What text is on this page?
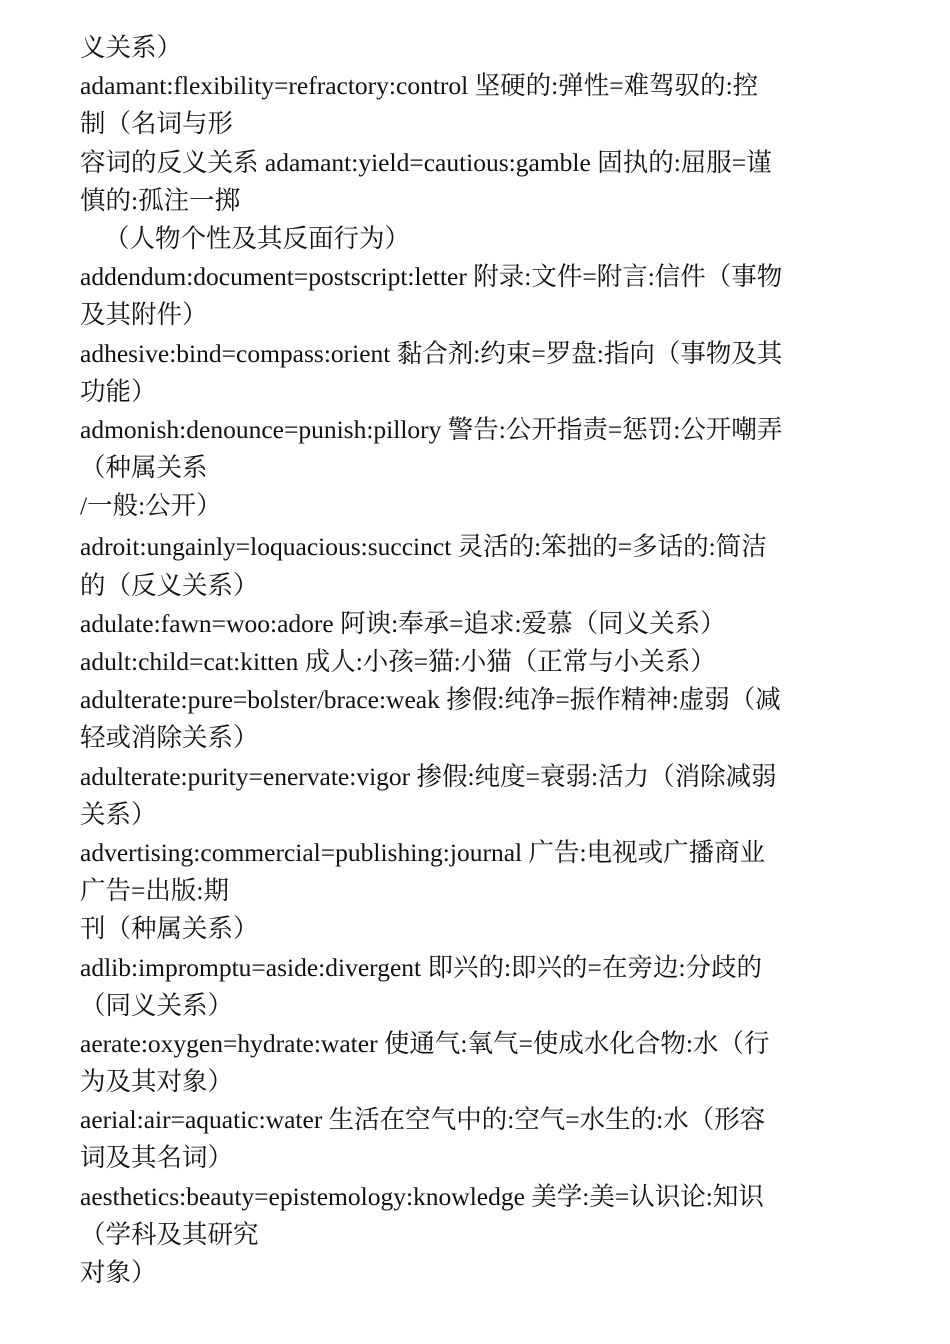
义关系）
adamant:flexibility=refractory:control 坚硬的:弹性=难驾驭的:控
制（名词与形
容词的反义关系 adamant:yield=cautious:gamble 固执的:屈服=谨
慎的:孤注一掷
（人物个性及其反面行为）
addendum:document=postscript:letter 附录:文件=附言:信件（事物
及其附件）
adhesive:bind=compass:orient 黏合剂:约束=罗盘:指向（事物及其
功能）
admonish:denounce=punish:pillory 警告:公开指责=惩罚:公开嘲弄
（种属关系
/一般:公开）
adroit:ungainly=loquacious:succinct 灵活的:笨拙的=多话的:简洁
的（反义关系）
adulate:fawn=woo:adore 阿谀:奉承=追求:爱慕（同义关系）
adult:child=cat:kitten 成人:小孩=猫:小猫（正常与小关系）
adulterate:pure=bolster/brace:weak 掺假:纯净=振作精神:虚弱（减
轻或消除关系）
adulterate:purity=enervate:vigor 掺假:纯度=衰弱:活力（消除减弱
关系）
advertising:commercial=publishing:journal 广告:电视或广播商业
广告=出版:期
刊（种属关系）
adlib:impromptu=aside:divergent 即兴的:即兴的=在旁边:分歧的
（同义关系）
aerate:oxygen=hydrate:water 使通气:氧气=使成水化合物:水（行
为及其对象）
aerial:air=aquatic:water 生活在空气中的:空气=水生的:水（形容
词及其名词）
aesthetics:beauty=epistemology:knowledge 美学:美=认识论:知识
（学科及其研究
对象）
